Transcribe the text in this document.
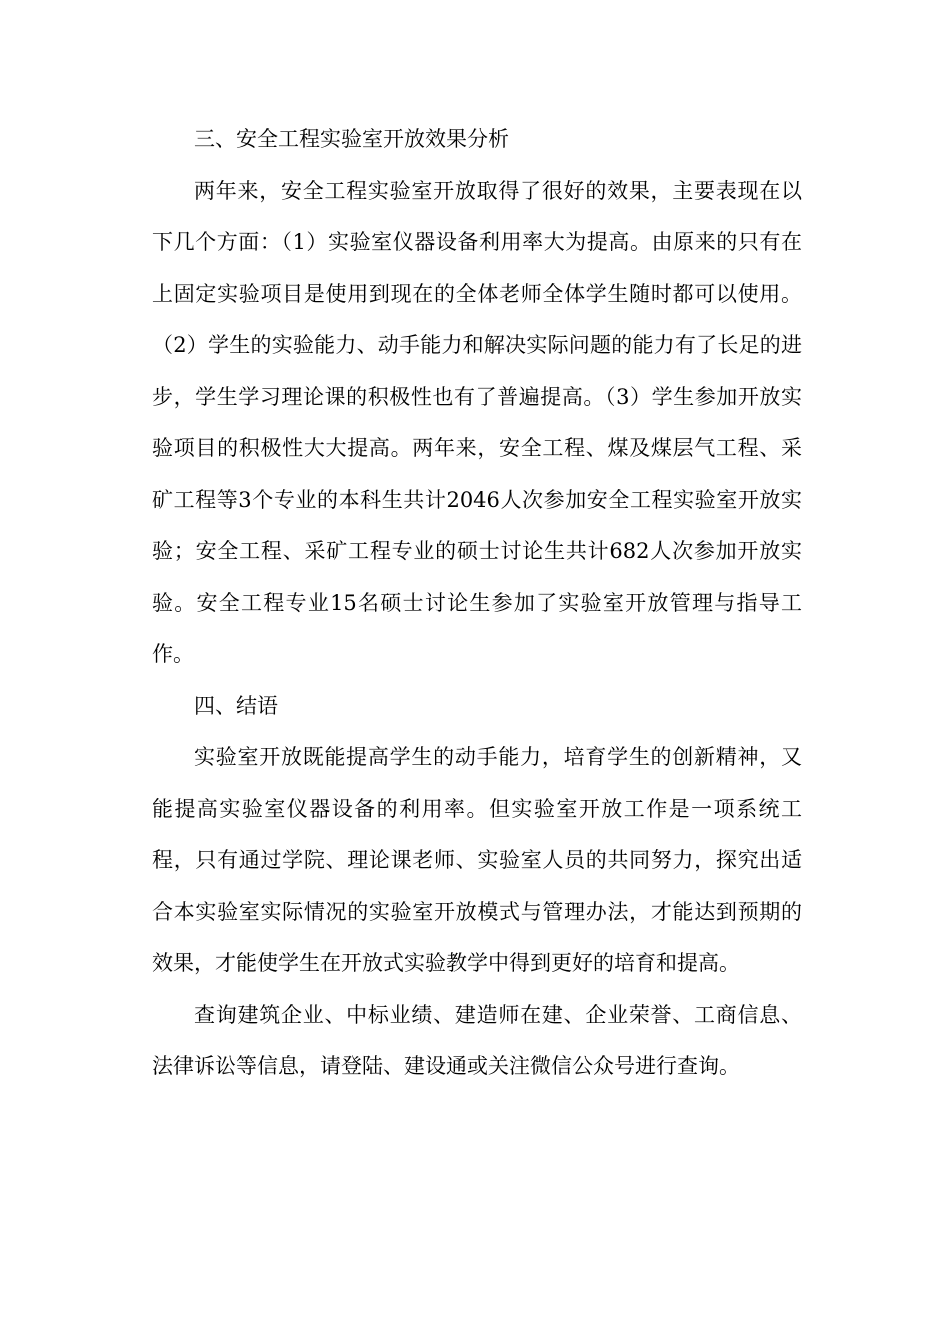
三、安全工程实验室开放效果分析

两年来，安全工程实验室开放取得了很好的效果，主要表现在以下几个方面：（1）实验室仪器设备利用率大为提高。由原来的只有在上固定实验项目是使用到现在的全体老师全体学生随时都可以使用。（2）学生的实验能力、动手能力和解决实际问题的能力有了长足的进步，学生学习理论课的积极性也有了普遍提高。（3）学生参加开放实验项目的积极性大大提高。两年来，安全工程、煤及煤层气工程、采矿工程等3个专业的本科生共计2046人次参加安全工程实验室开放实验；安全工程、采矿工程专业的硕士讨论生共计682人次参加开放实验。安全工程专业15名硕士讨论生参加了实验室开放管理与指导工作。

四、结语

实验室开放既能提高学生的动手能力，培育学生的创新精神，又能提高实验室仪器设备的利用率。但实验室开放工作是一项系统工程，只有通过学院、理论课老师、实验室人员的共同努力，探究出适合本实验室实际情况的实验室开放模式与管理办法，才能达到预期的效果，才能使学生在开放式实验教学中得到更好的培育和提高。

查询建筑企业、中标业绩、建造师在建、企业荣誉、工商信息、法律诉讼等信息，请登陆、建设通或关注微信公众号进行查询。
